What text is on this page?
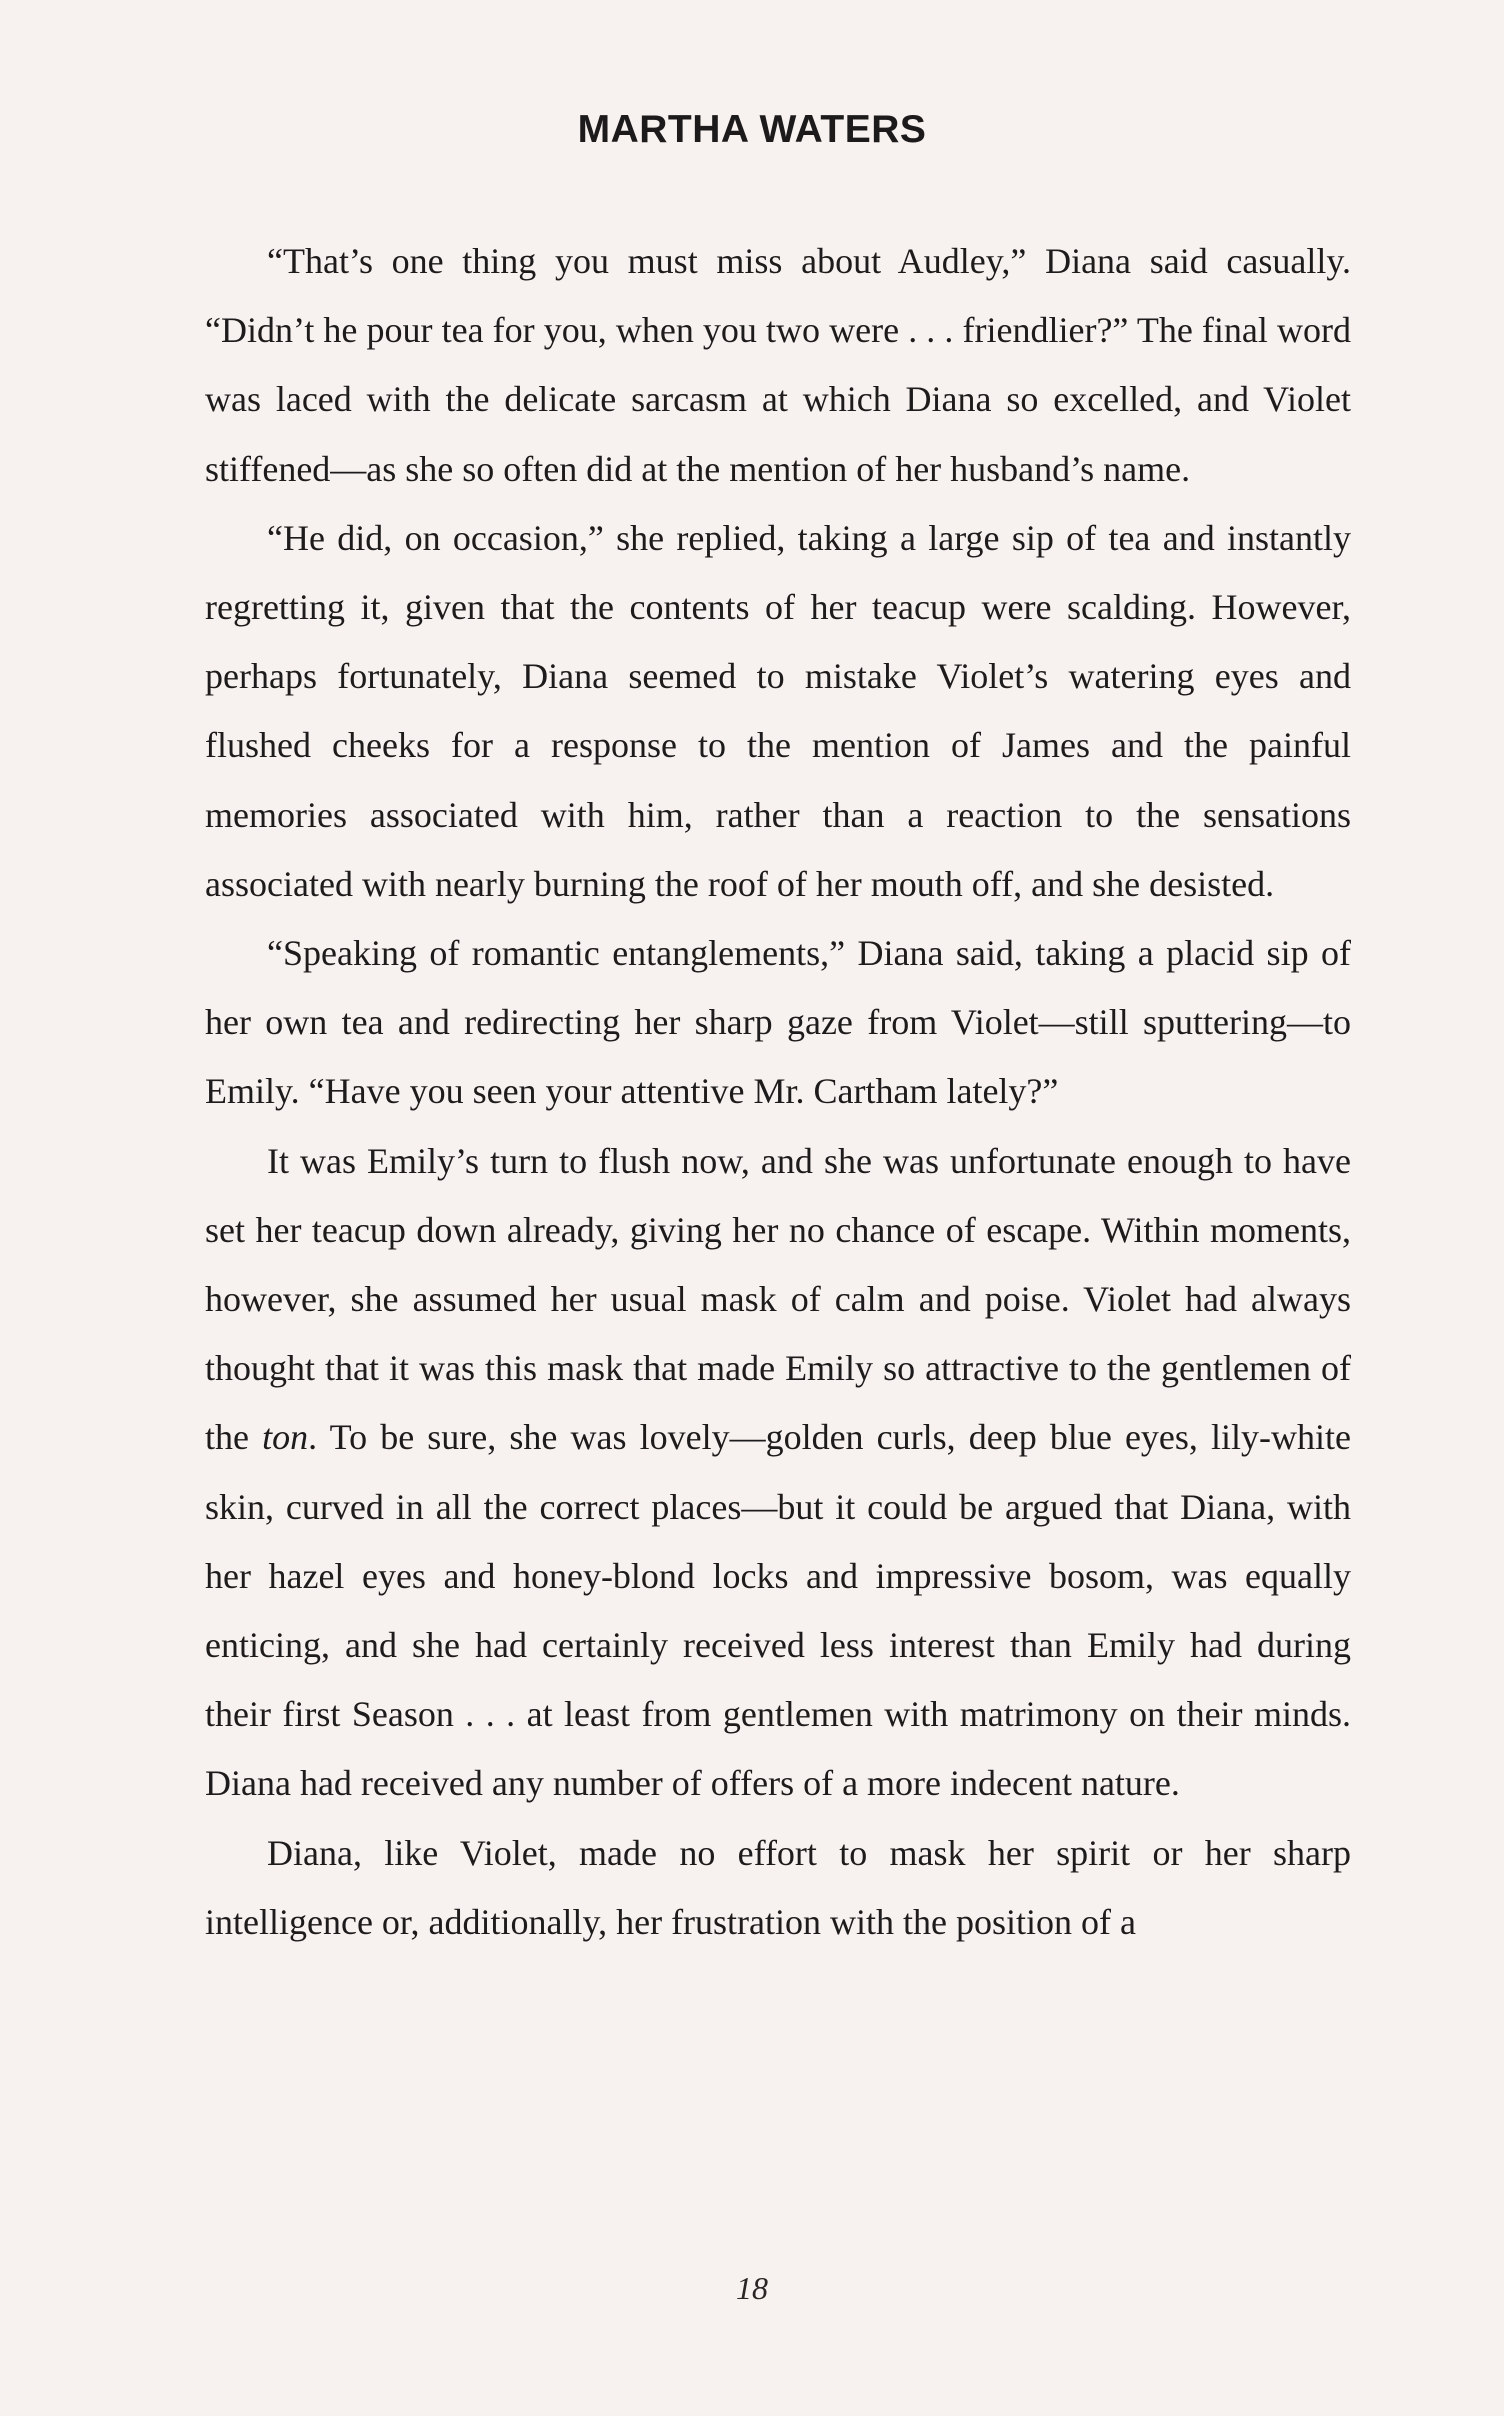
MARTHA WATERS

“That’s one thing you must miss about Audley,” Diana said casually. “Didn’t he pour tea for you, when you two were . . . friendlier?” The final word was laced with the delicate sarcasm at which Diana so excelled, and Violet stiffened—as she so often did at the mention of her husband’s name.

“He did, on occasion,” she replied, taking a large sip of tea and instantly regretting it, given that the contents of her teacup were scalding. However, perhaps fortunately, Diana seemed to mistake Violet’s watering eyes and flushed cheeks for a response to the mention of James and the painful memories associated with him, rather than a reaction to the sensations associated with nearly burning the roof of her mouth off, and she desisted.

“Speaking of romantic entanglements,” Diana said, taking a placid sip of her own tea and redirecting her sharp gaze from Violet—still sputtering—to Emily. “Have you seen your attentive Mr. Cartham lately?”

It was Emily’s turn to flush now, and she was unfortunate enough to have set her teacup down already, giving her no chance of escape. Within moments, however, she assumed her usual mask of calm and poise. Violet had always thought that it was this mask that made Emily so attractive to the gentlemen of the ton. To be sure, she was lovely—golden curls, deep blue eyes, lily-white skin, curved in all the correct places—but it could be argued that Diana, with her hazel eyes and honey-blond locks and impressive bosom, was equally enticing, and she had certainly received less interest than Emily had during their first Season . . . at least from gentlemen with matrimony on their minds. Diana had received any number of offers of a more indecent nature.

Diana, like Violet, made no effort to mask her spirit or her sharp intelligence or, additionally, her frustration with the position of a

18
